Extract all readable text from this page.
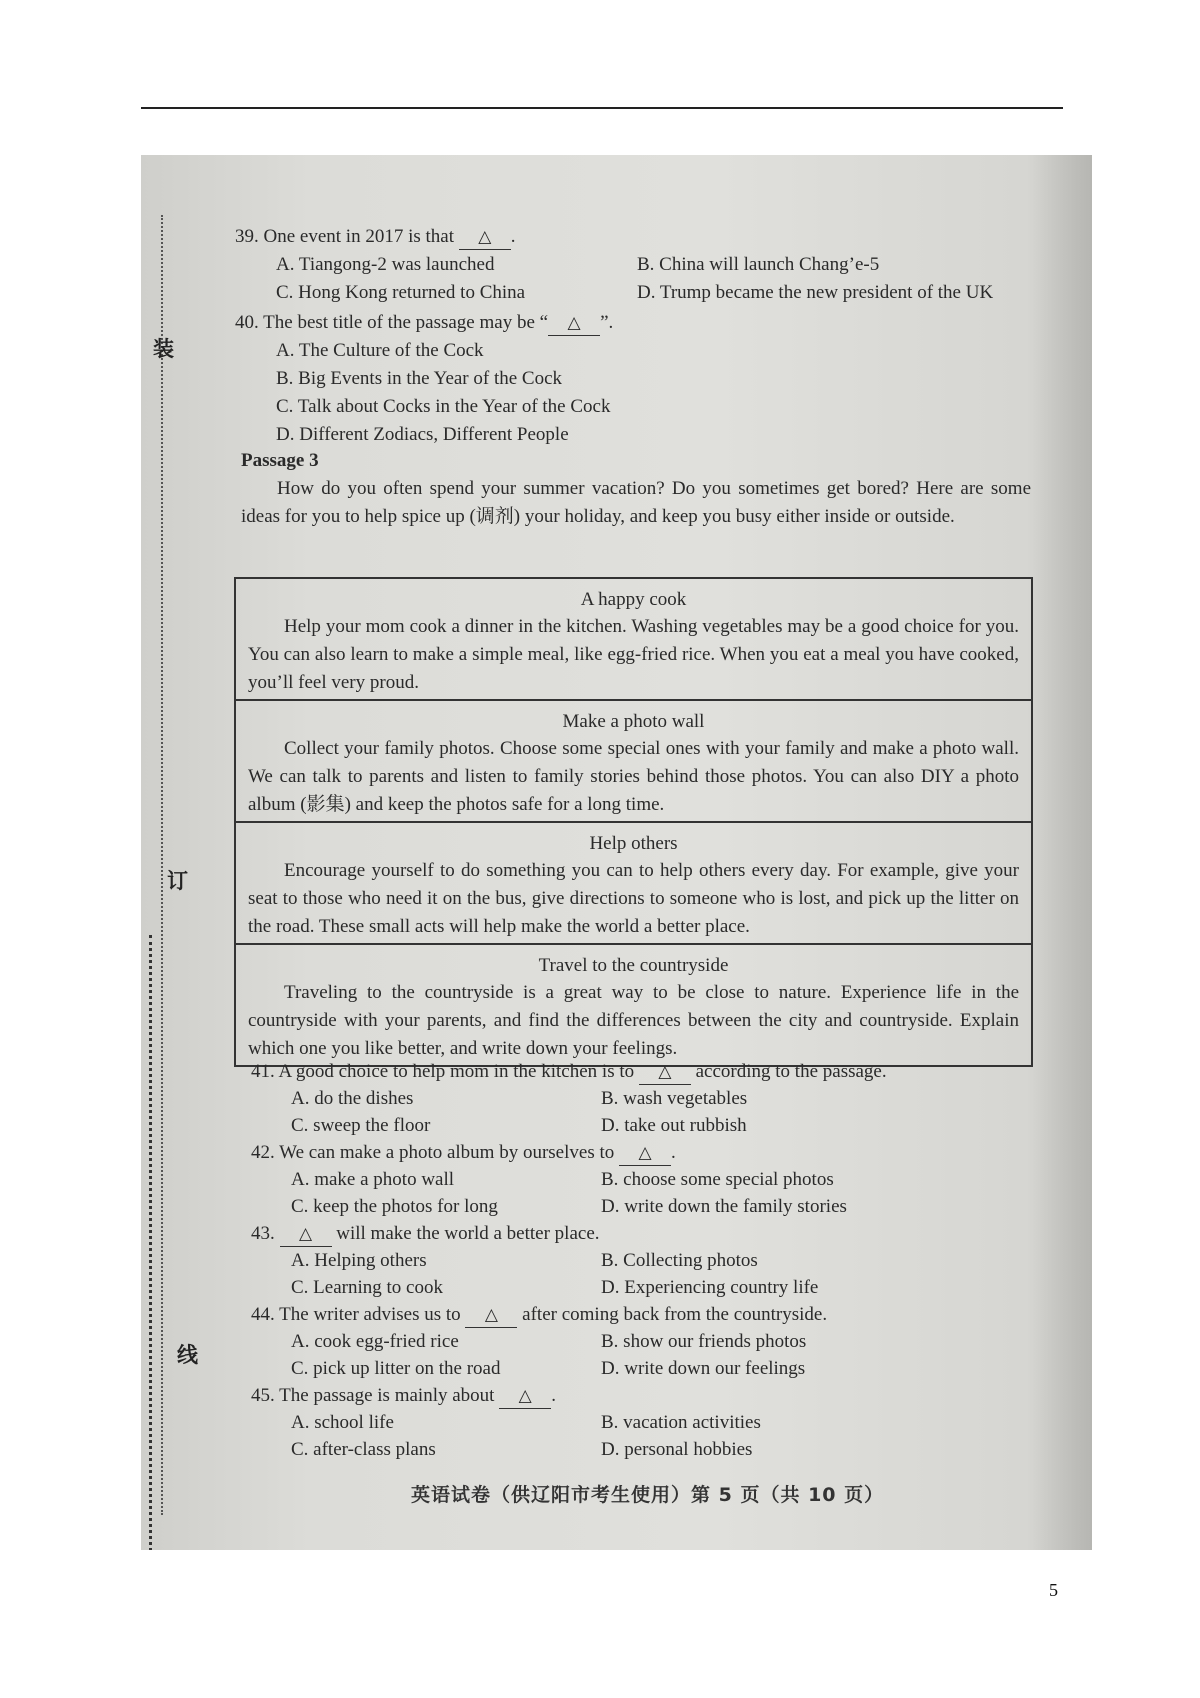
装
订
线
39. One event in 2017 is that △ .
A. Tiangong-2 was launched	B. China will launch Chang’e-5
C. Hong Kong returned to China	D. Trump became the new president of the UK
40. The best title of the passage may be “ △ ”.
A. The Culture of the Cock
B. Big Events in the Year of the Cock
C. Talk about Cocks in the Year of the Cock
D. Different Zodiacs, Different People
Passage 3
How do you often spend your summer vacation? Do you sometimes get bored? Here are some ideas for you to help spice up (调剂) your holiday, and keep you busy either inside or outside.
A happy cook
Help your mom cook a dinner in the kitchen. Washing vegetables may be a good choice for you. You can also learn to make a simple meal, like egg-fried rice. When you eat a meal you have cooked, you’ll feel very proud.
Make a photo wall
Collect your family photos. Choose some special ones with your family and make a photo wall. We can talk to parents and listen to family stories behind those photos. You can also DIY a photo album (影集) and keep the photos safe for a long time.
Help others
Encourage yourself to do something you can to help others every day. For example, give your seat to those who need it on the bus, give directions to someone who is lost, and pick up the litter on the road. These small acts will help make the world a better place.
Travel to the countryside
Traveling to the countryside is a great way to be close to nature. Experience life in the countryside with your parents, and find the differences between the city and countryside. Explain which one you like better, and write down your feelings.
41. A good choice to help mom in the kitchen is to △ according to the passage.
A. do the dishes	B. wash vegetables
C. sweep the floor	D. take out rubbish
42. We can make a photo album by ourselves to △ .
A. make a photo wall	B. choose some special photos
C. keep the photos for long	D. write down the family stories
43. △ will make the world a better place.
A. Helping others	B. Collecting photos
C. Learning to cook	D. Experiencing country life
44. The writer advises us to △ after coming back from the countryside.
A. cook egg-fried rice	B. show our friends photos
C. pick up litter on the road	D. write down our feelings
45. The passage is mainly about △ .
A. school life	B. vacation activities
C. after-class plans	D. personal hobbies
英语试卷（供辽阳市考生使用）第 5 页（共 10 页）
5
